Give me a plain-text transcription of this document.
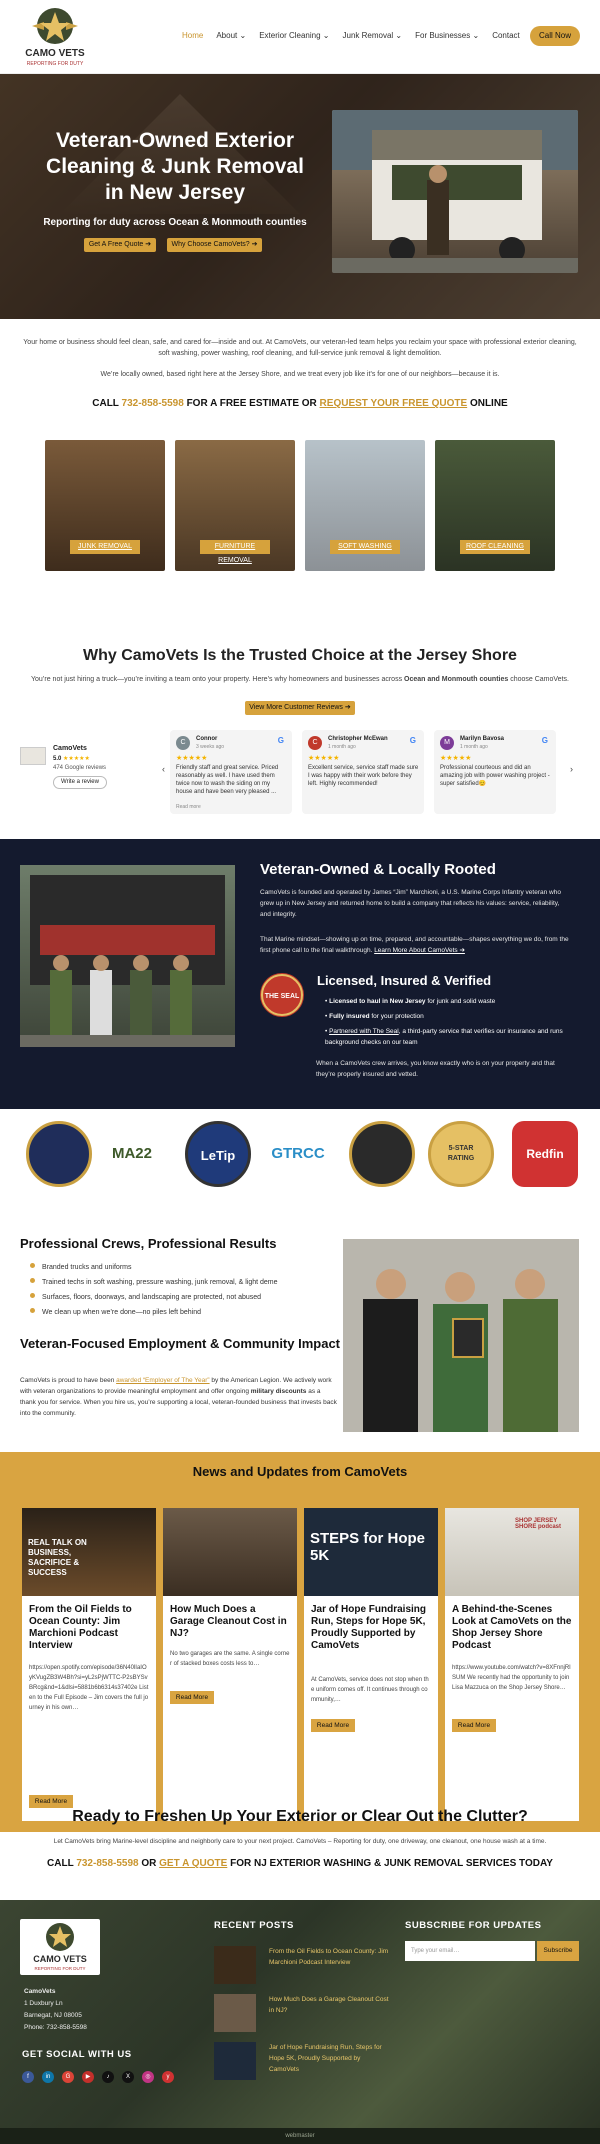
CAMO VETS
REPORTING FOR DUTY
Home About ⌄ Exterior Cleaning ⌄ Junk Removal ⌄ For Businesses ⌄ Contact	Call Now
Veteran-Owned Exterior Cleaning & Junk Removal in New Jersey
Reporting for duty across Ocean & Monmouth counties
Get A Free Quote ➔	Why Choose CamoVets? ➔

Your home or business should feel clean, safe, and cared for—inside and out. At CamoVets, our veteran-led team helps you reclaim your space with professional exterior cleaning, soft washing, power washing, roof cleaning, and full-service junk removal & light demolition.

We’re locally owned, based right here at the Jersey Shore, and we treat every job like it’s for one of our neighbors—because it is.

CALL 732-858-5598 FOR A FREE ESTIMATE OR REQUEST YOUR FREE QUOTE ONLINE
JUNK REMOVAL	FURNITURE REMOVAL
SOFT WASHING	ROOF CLEANING
Why CamoVets Is the Trusted Choice at the Jersey Shore
You’re not just hiring a truck—you’re inviting a team onto your property. Here’s why homeowners and businesses across Ocean and Monmouth counties choose CamoVets.
View More Customer Reviews ➔
CamoVets
5.0 ★★★★★
474 Google reviews
Write a review
‹	›
C	Connor
3 weeks ago
G
★★★★★
Friendly staff and great service. Priced reasonably as well. I have used them twice now to wash the siding on my house and have been very pleased ...
Read more
C	Christopher McEwan
1 month ago
G
★★★★★
Excellent service, service staff made sure I was happy with their work before they left. Highly recommended!
M	Marilyn Bavosa
1 month ago
G
★★★★★
Professional courteous and did an amazing job with power washing project - super satisfied😊
Veteran-Owned & Locally Rooted

CamoVets is founded and operated by James “Jim” Marchioni, a U.S. Marine Corps Infantry veteran who grew up in New Jersey and returned home to build a company that reflects his values: service, reliability, and integrity.

That Marine mindset—showing up on time, prepared, and accountable—shapes everything we do, from the first phone call to the final walkthrough. Learn More About CamoVets ➔

THE SEAL
Licensed, Insured & Verified
• Licensed to haul in New Jersey for junk and solid waste
• Fully insured for your protection
• Partnered with The Seal, a third-party service that verifies our insurance and runs background checks on our team

When a CamoVets crew arrives, you know exactly who is on your property and that they’re properly insured and vetted.

MA22	LeTip	GTRCC	5-STAR
RATING	Redfin
Professional Crews, Professional Results
Branded trucks and uniforms
Trained techs in soft washing, pressure washing, junk removal, & light deme
Surfaces, floors, doorways, and landscaping are protected, not abused
We clean up when we’re done—no piles left behind
Veteran-Focused Employment & Community Impact
CamoVets is proud to have been awarded “Employer of The Year” by the American Legion. We actively work with veteran organizations to provide meaningful employment and offer ongoing military discounts as a thank you for service. When you hire us, you’re supporting a local, veteran-founded business that invests back into the community.
News and Updates from CamoVets
REAL TALK ON BUSINESS, SACRIFICE & SUCCESS
From the Oil Fields to Ocean County: Jim Marchioni Podcast Interview

https://open.spotify.com/episode/36N40lIaIOyKVugZB3W4Bh?si=yL2sPjWTTC-P2sBYSvBRcg&nd=1&dlsi=5881b6b6314s37402e Listen to the Full Episode – Jim covers the full journey in his own…

Read More
How Much Does a Garage Cleanout Cost in NJ?

No two garages are the same. A single corner of stacked boxes costs less to…

Read More
STEPS for Hope 5K
Jar of Hope Fundraising Run, Steps for Hope 5K, Proudly Supported by CamoVets

At CamoVets, service does not stop when the uniform comes off. It continues through community,…

Read More
SHOP JERSEY SHORE podcast
A Behind-the-Scenes Look at CamoVets on the Shop Jersey Shore Podcast

https://www.youtube.com/watch?v=8XFnnjRlSUM We recently had the opportunity to join Lisa Mazzuca on the Shop Jersey Shore…

Read More
Ready to Freshen Up Your Exterior or Clear Out the Clutter?
Let CamoVets bring Marine-level discipline and neighborly care to your next project. CamoVets – Reporting for duty, one driveway, one cleanout, one house wash at a time.
CALL 732-858-5598 OR GET A QUOTE FOR NJ EXTERIOR WASHING & JUNK REMOVAL SERVICES TODAY
CAMO VETS
REPORTING FOR DUTY
CamoVets
1 Duxbury Ln
Barnegat, NJ 08005
Phone: 732-858-5598
GET SOCIAL WITH US
RECENT POSTS
From the Oil Fields to Ocean County: Jim Marchioni Podcast Interview
How Much Does a Garage Cleanout Cost in NJ?
Jar of Hope Fundraising Run, Steps for Hope 5K, Proudly Supported by CamoVets
SUBSCRIBE FOR UPDATES
Type your email…	Subscribe
f	in	G	▶	♪	X	◎	y
webmaster
